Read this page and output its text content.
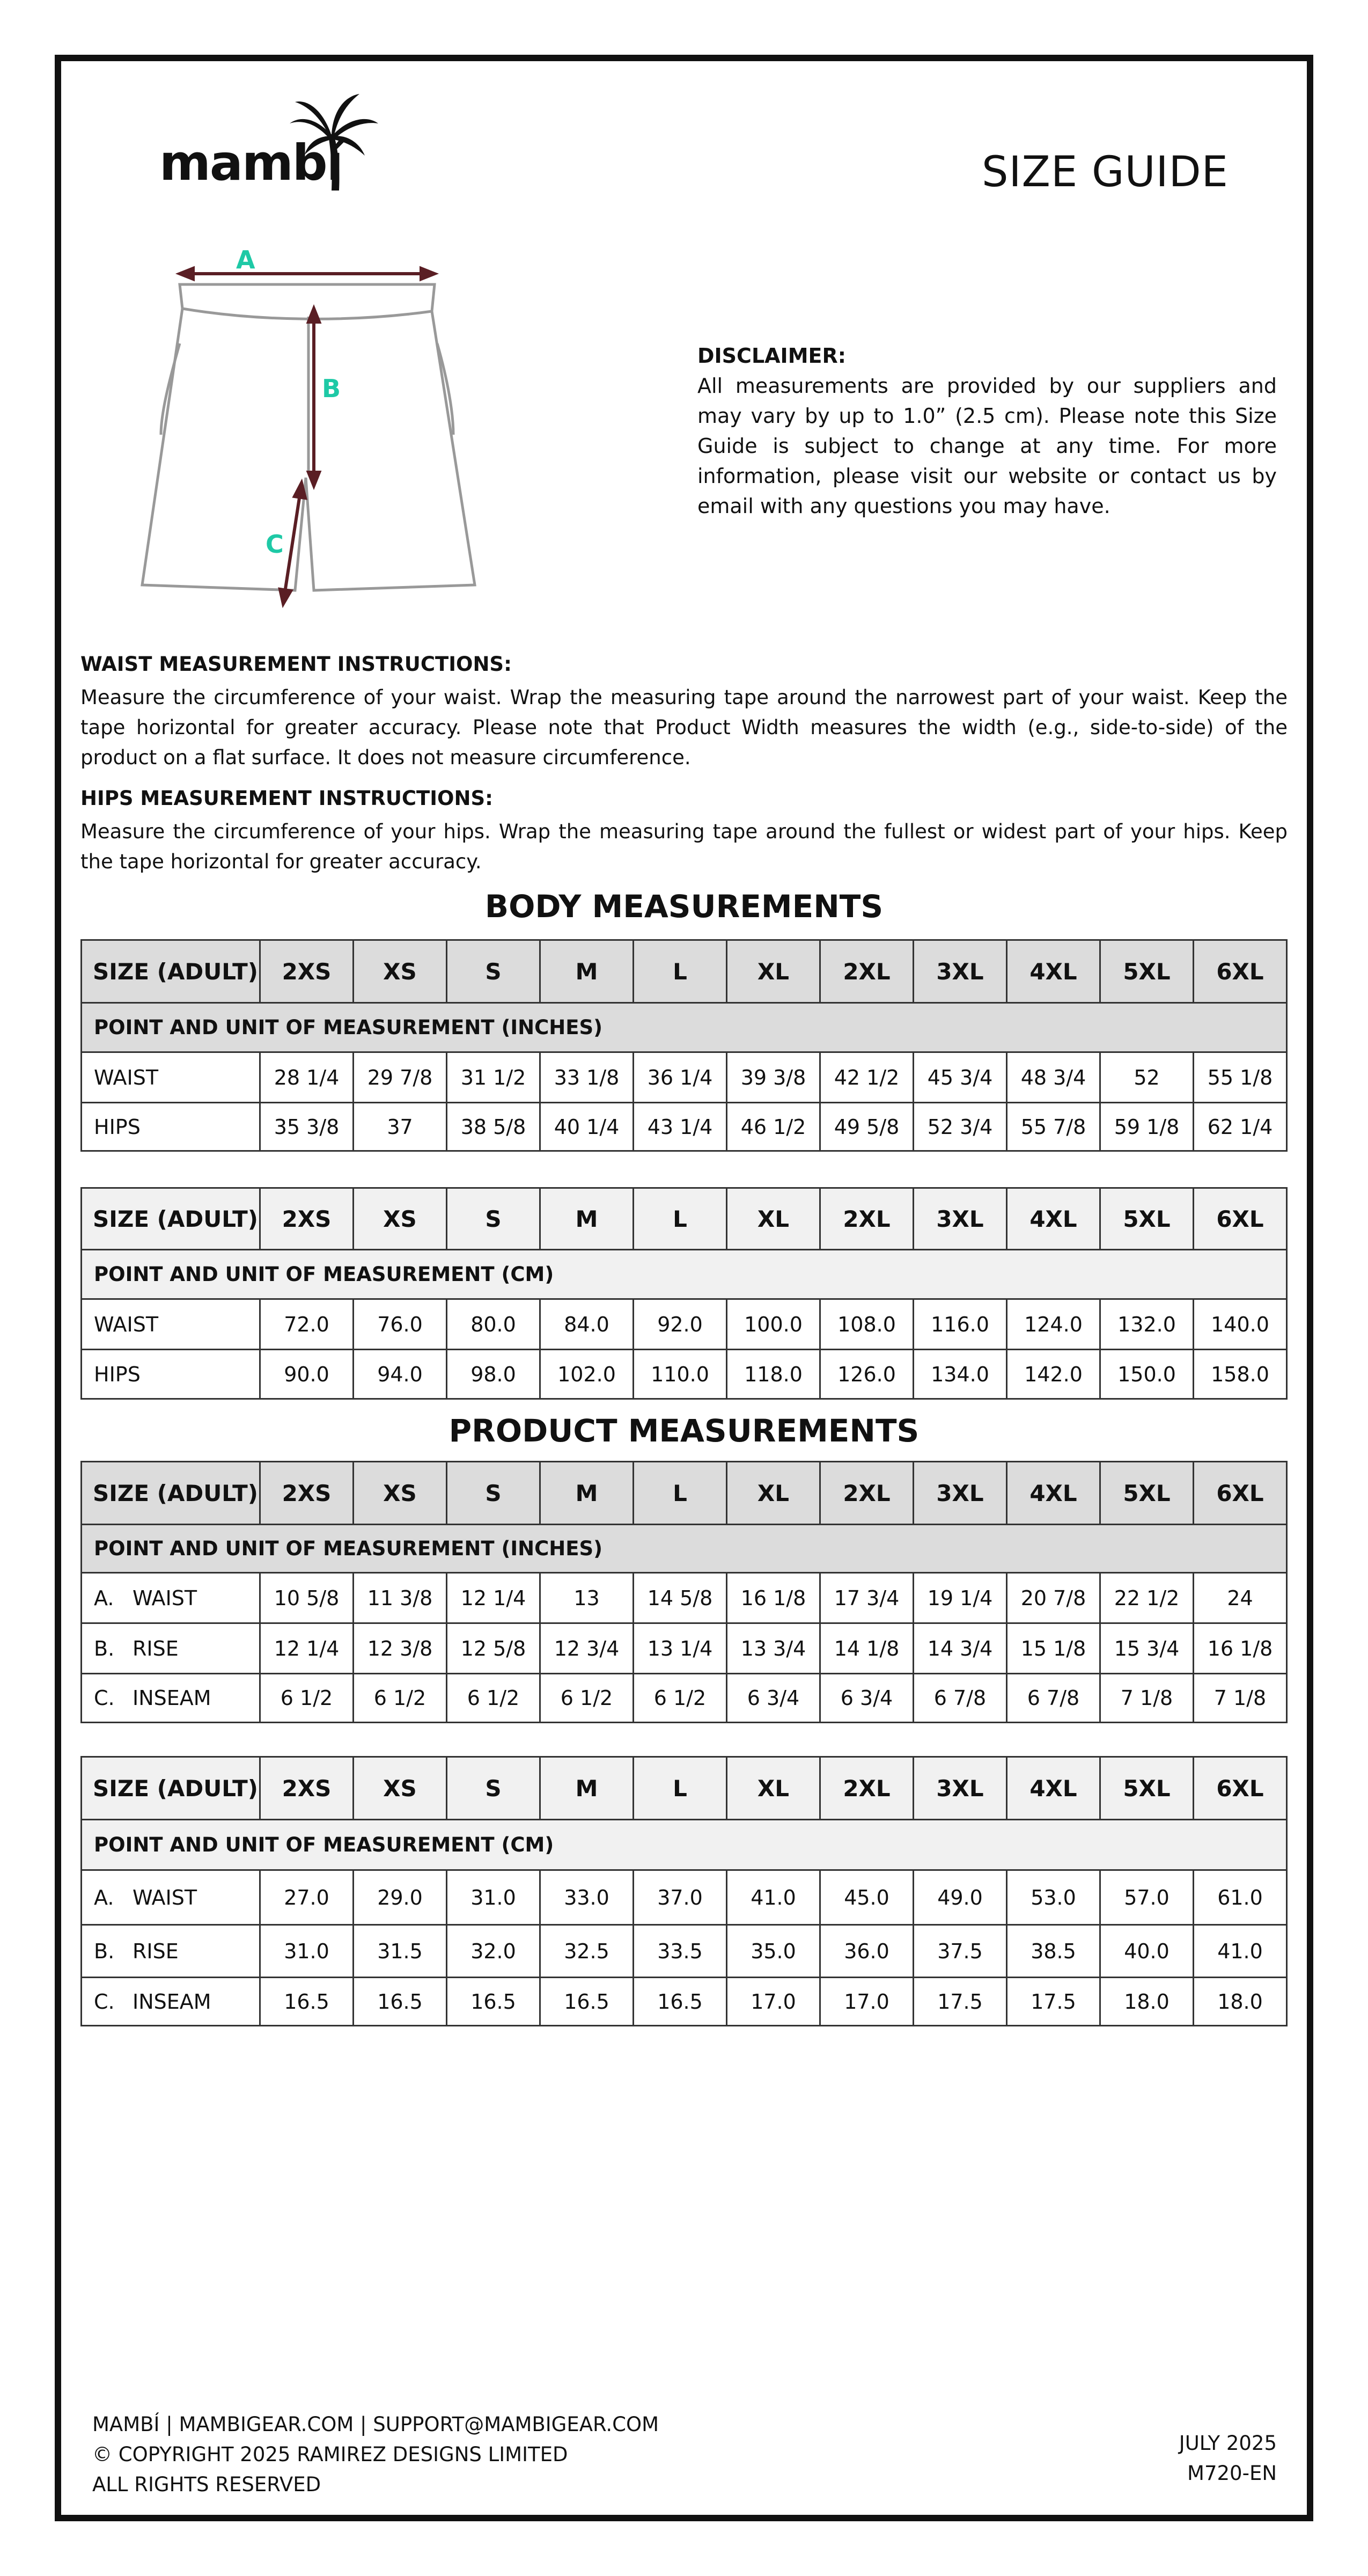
mambí	SIZE GUIDE
A
B
C
DISCLAIMER:
All measurements are provided by our suppliers and may vary by up to 1.0” (2.5 cm). Please note this Size Guide is subject to change at any time. For more information, please visit our website or contact us by email with any questions you may have.
WAIST MEASUREMENT INSTRUCTIONS:
Measure the circumference of your waist. Wrap the measuring tape around the narrowest part of your waist. Keep the tape horizontal for greater accuracy. Please note that Product Width measures the width (e.g., side-to-side) of the product on a flat surface. It does not measure circumference.
HIPS MEASUREMENT INSTRUCTIONS:
Measure the circumference of your hips. Wrap the measuring tape around the fullest or widest part of your hips. Keep the tape horizontal for greater accuracy.
BODY MEASUREMENTS
SIZE (ADULT)	2XS	XS	S	M	L	XL	2XL	3XL	4XL	5XL	6XL
POINT AND UNIT OF MEASUREMENT (INCHES)											
WAIST	28 1/4	29 7/8	31 1/2	33 1/8	36 1/4	39 3/8	42 1/2	45 3/4	48 3/4	52	55 1/8
HIPS	35 3/8	37	38 5/8	40 1/4	43 1/4	46 1/2	49 5/8	52 3/4	55 7/8	59 1/8	62 1/4
SIZE (ADULT)	2XS	XS	S	M	L	XL	2XL	3XL	4XL	5XL	6XL
POINT AND UNIT OF MEASUREMENT (CM)											
WAIST	72.0	76.0	80.0	84.0	92.0	100.0	108.0	116.0	124.0	132.0	140.0
HIPS	90.0	94.0	98.0	102.0	110.0	118.0	126.0	134.0	142.0	150.0	158.0
PRODUCT MEASUREMENTS
SIZE (ADULT)	2XS	XS	S	M	L	XL	2XL	3XL	4XL	5XL	6XL
POINT AND UNIT OF MEASUREMENT (INCHES)											
A. WAIST	10 5/8	11 3/8	12 1/4	13	14 5/8	16 1/8	17 3/4	19 1/4	20 7/8	22 1/2	24
B. RISE	12 1/4	12 3/8	12 5/8	12 3/4	13 1/4	13 3/4	14 1/8	14 3/4	15 1/8	15 3/4	16 1/8
C. INSEAM	6 1/2	6 1/2	6 1/2	6 1/2	6 1/2	6 3/4	6 3/4	6 7/8	6 7/8	7 1/8	7 1/8
SIZE (ADULT)	2XS	XS	S	M	L	XL	2XL	3XL	4XL	5XL	6XL
POINT AND UNIT OF MEASUREMENT (CM)											
A. WAIST	27.0	29.0	31.0	33.0	37.0	41.0	45.0	49.0	53.0	57.0	61.0
B. RISE	31.0	31.5	32.0	32.5	33.5	35.0	36.0	37.5	38.5	40.0	41.0
C. INSEAM	16.5	16.5	16.5	16.5	16.5	17.0	17.0	17.5	17.5	18.0	18.0
MAMBÍ | MAMBIGEAR.COM | SUPPORT@MAMBIGEAR.COM
© COPYRIGHT 2025 RAMIREZ DESIGNS LIMITED
ALL RIGHTS RESERVED
JULY 2025
M720-EN
